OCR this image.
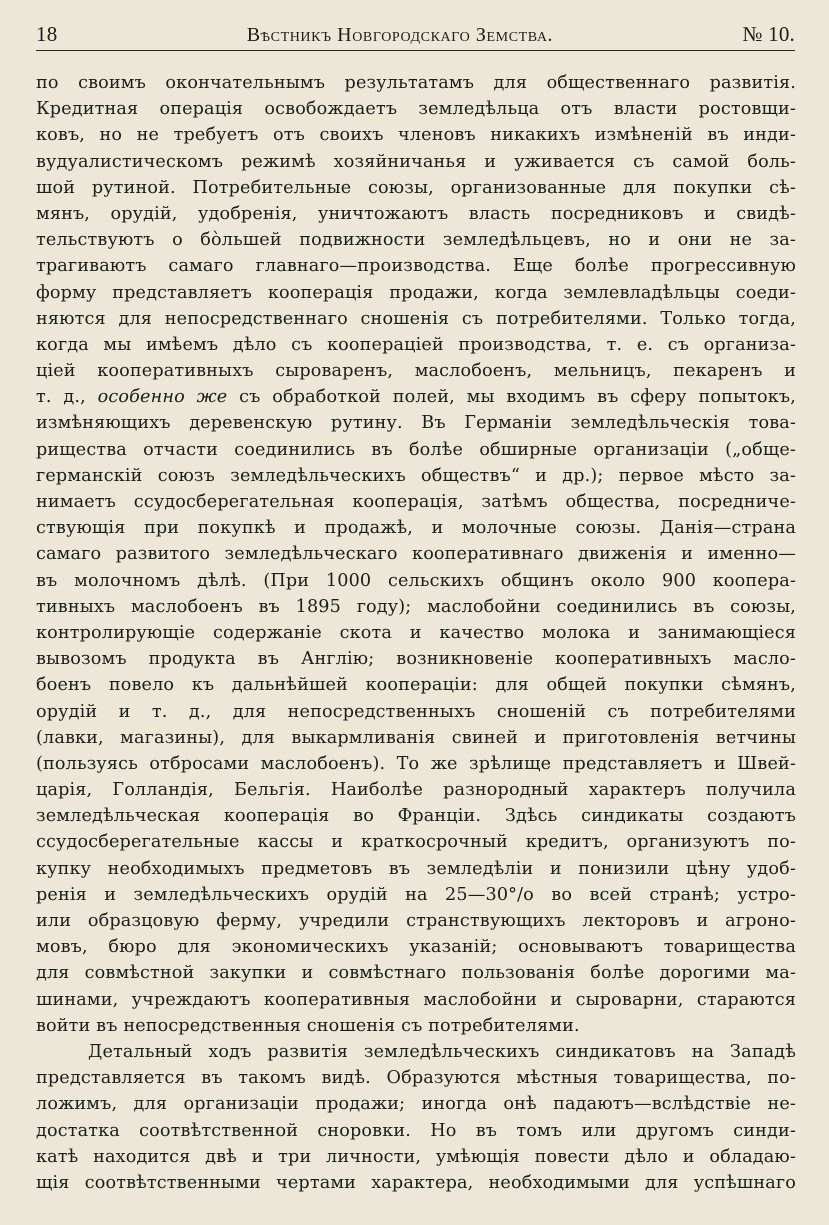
18	Вѣстникъ Новгородскаго Земства.	№ 10.
по своимъ окончательнымъ результатамъ для общественнаго развитія.
Кредитная операція освобождаетъ земледѣльца отъ власти ростовщи-
ковъ, но не требуетъ отъ своихъ членовъ никакихъ измѣненій въ инди-
вудуалистическомъ режимѣ хозяйничанья и уживается съ самой боль-
шой рутиной. Потребительные союзы, организованные для покупки сѣ-
мянъ, орудій, удобренія, уничтожаютъ власть посредниковъ и свидѣ-
тельствуютъ о бо̀льшей подвижности земледѣльцевъ, но и они не за-
трагиваютъ самаго главнаго—производства. Еще болѣе прогрессивную
форму представляетъ кооперація продажи, когда землевладѣльцы соеди-
няются для непосредственнаго сношенія съ потребителями. Только тогда,
когда мы имѣемъ дѣло съ кооперацiей производства, т. е. съ организа-
цiей кооперативныхъ сыроваренъ, маслобоенъ, мельницъ, пекаренъ и
т. д., особенно же съ обработкой полей, мы входимъ въ сферу попытокъ,
измѣняющихъ деревенскую рутину. Въ Германіи земледѣльческія това-
рищества отчасти соединились въ болѣе обширные организаціи („обще-
германскій союзъ земледѣльческихъ обществъ“ и др.); первое мѣсто за-
нимаетъ ссудосберегательная кооперація, затѣмъ общества, посредниче-
ствующія при покупкѣ и продажѣ, и молочные союзы. Данія—страна
самаго развитого земледѣльческаго кооперативнаго движенія и именно—
въ молочномъ дѣлѣ. (При 1000 сельскихъ общинъ около 900 коопера-
тивныхъ маслобоенъ въ 1895 году); маслобойни соединились въ союзы,
контролирующіе содержаніе скота и качество молока и занимающіеся
вывозомъ продукта въ Англію; возникновеніе кооперативныхъ масло-
боенъ повело къ дальнѣйшей кооперацiи: для общей покупки сѣмянъ,
орудій и т. д., для непосредственныхъ сношеній съ потребителями
(лавки, магазины), для выкармливанія свиней и приготовленія ветчины
(пользуясь отбросами маслобоенъ). То же зрѣлище представляетъ и Швей-
царія, Голландія, Бельгія. Наиболѣе разнородный характеръ получила
земледѣльческая кооперація во Франціи. Здѣсь синдикаты создаютъ
ссудосберегательные кассы и краткосрочный кредитъ, организуютъ по-
купку необходимыхъ предметовъ въ земледѣліи и понизили цѣну удоб-
ренія и земледѣльческихъ орудій на 25—30°/о во всей странѣ; устро-
или образцовую ферму, учредили странствующихъ лекторовъ и агроно-
мовъ, бюро для экономическихъ указаній; основываютъ товарищества
для совмѣстной закупки и совмѣстнаго пользованія болѣе дорогими ма-
шинами, учреждаютъ кооперативныя маслобойни и сыроварни, стараются
войти въ непосредственныя сношенія съ потребителями.
Детальный ходъ развитія земледѣльческихъ синдикатовъ на Западѣ
представляется въ такомъ видѣ. Образуются мѣстныя товарищества, по-
ложимъ, для организаціи продажи; иногда онѣ падаютъ—вслѣдствіе не-
достатка соотвѣтственной сноровки. Но въ томъ или другомъ синди-
катѣ находится двѣ и три личности, умѣющія повести дѣло и обладаю-
щія соотвѣтственными чертами характера, необходимыми для успѣшнаго
